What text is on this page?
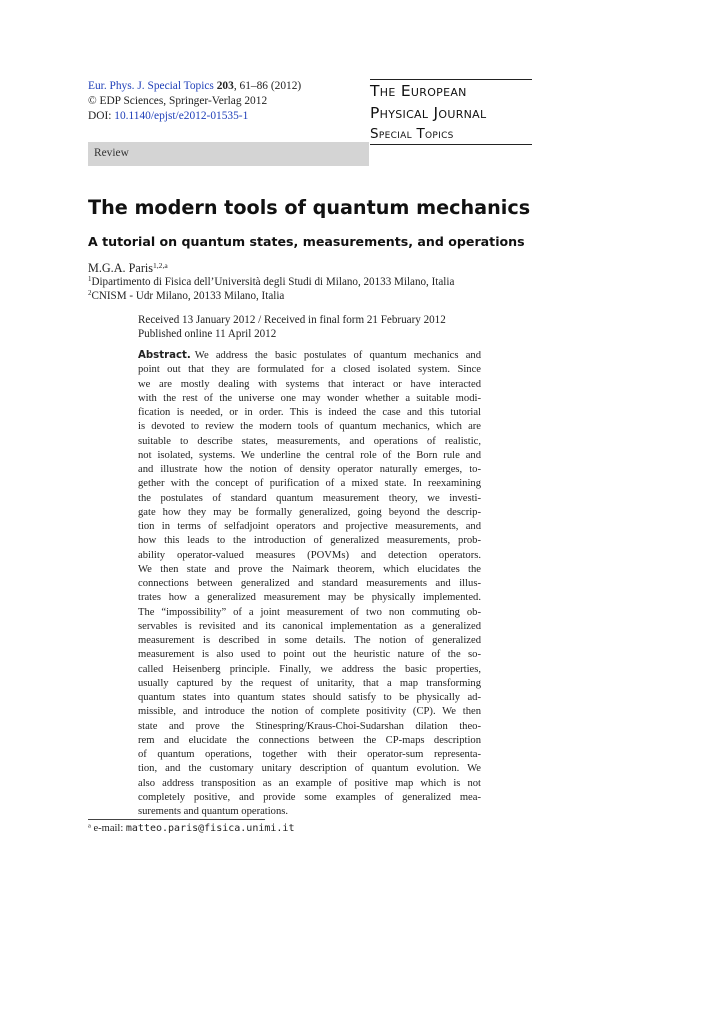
Eur. Phys. J. Special Topics 203, 61–86 (2012)
© EDP Sciences, Springer-Verlag 2012
DOI: 10.1140/epjst/e2012-01535-1
The European
Physical Journal
Special Topics
Review
The modern tools of quantum mechanics
A tutorial on quantum states, measurements, and operations
M.G.A. Paris$^{1,2,a}$
$^1$Dipartimento di Fisica dell’Università degli Studi di Milano, 20133 Milano, Italia
$^2$CNISM - Udr Milano, 20133 Milano, Italia
Received 13 January 2012 / Received in final form 21 February 2012
Published online 11 April 2012
Abstract. We address the basic postulates of quantum mechanics and
point out that they are formulated for a closed isolated system. Since
we are mostly dealing with systems that interact or have interacted
with the rest of the universe one may wonder whether a suitable modi-
fication is needed, or in order. This is indeed the case and this tutorial
is devoted to review the modern tools of quantum mechanics, which are
suitable to describe states, measurements, and operations of realistic,
not isolated, systems. We underline the central role of the Born rule and
and illustrate how the notion of density operator naturally emerges, to-
gether with the concept of purification of a mixed state. In reexamining
the postulates of standard quantum measurement theory, we investi-
gate how they may be formally generalized, going beyond the descrip-
tion in terms of selfadjoint operators and projective measurements, and
how this leads to the introduction of generalized measurements, prob-
ability operator-valued measures (POVMs) and detection operators.
We then state and prove the Naimark theorem, which elucidates the
connections between generalized and standard measurements and illus-
trates how a generalized measurement may be physically implemented.
The “impossibility” of a joint measurement of two non commuting ob-
servables is revisited and its canonical implementation as a generalized
measurement is described in some details. The notion of generalized
measurement is also used to point out the heuristic nature of the so-
called Heisenberg principle. Finally, we address the basic properties,
usually captured by the request of unitarity, that a map transforming
quantum states into quantum states should satisfy to be physically ad-
missible, and introduce the notion of complete positivity (CP). We then
state and prove the Stinespring/Kraus-Choi-Sudarshan dilation theo-
rem and elucidate the connections between the CP-maps description
of quantum operations, together with their operator-sum representa-
tion, and the customary unitary description of quantum evolution. We
also address transposition as an example of positive map which is not
completely positive, and provide some examples of generalized mea-
surements and quantum operations.
$^a$ e-mail: matteo.paris@fisica.unimi.it
